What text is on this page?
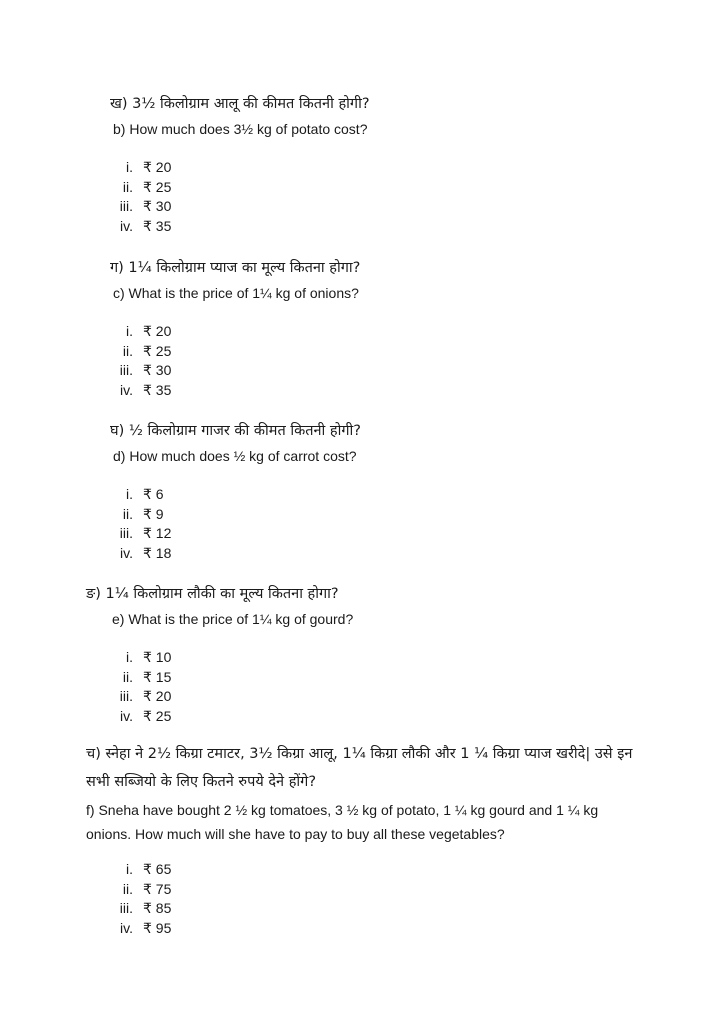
ख) 3½ किलोग्राम आलू की कीमत कितनी होगी?
b) How much does 3½ kg of potato cost?
i. ₹ 20
ii. ₹ 25
iii. ₹ 30
iv. ₹ 35
ग) 1¼ किलोग्राम प्याज का मूल्य कितना होगा?
c) What is the price of 1¼ kg of onions?
i. ₹ 20
ii. ₹ 25
iii. ₹ 30
iv. ₹ 35
घ) ½ किलोग्राम गाजर की कीमत कितनी होगी?
d) How much does ½ kg of carrot cost?
i. ₹ 6
ii. ₹ 9
iii. ₹ 12
iv. ₹ 18
ङ) 1¼ किलोग्राम लौकी का मूल्य कितना होगा?
e) What is the price of 1¼ kg of gourd?
i. ₹ 10
ii. ₹ 15
iii. ₹ 20
iv. ₹ 25
च) स्नेहा ने 2½ किग्रा टमाटर, 3½ किग्रा आलू, 1¼ किग्रा लौकी और 1 ¼ किग्रा प्याज खरीदे| उसे इन सभी सब्जियो के लिए कितने रुपये देने होंगे?
f) Sneha have bought 2 ½ kg tomatoes, 3 ½ kg of potato, 1 ¼ kg gourd and 1 ¼ kg onions. How much will she have to pay to buy all these vegetables?
i. ₹ 65
ii. ₹ 75
iii. ₹ 85
iv. ₹ 95
